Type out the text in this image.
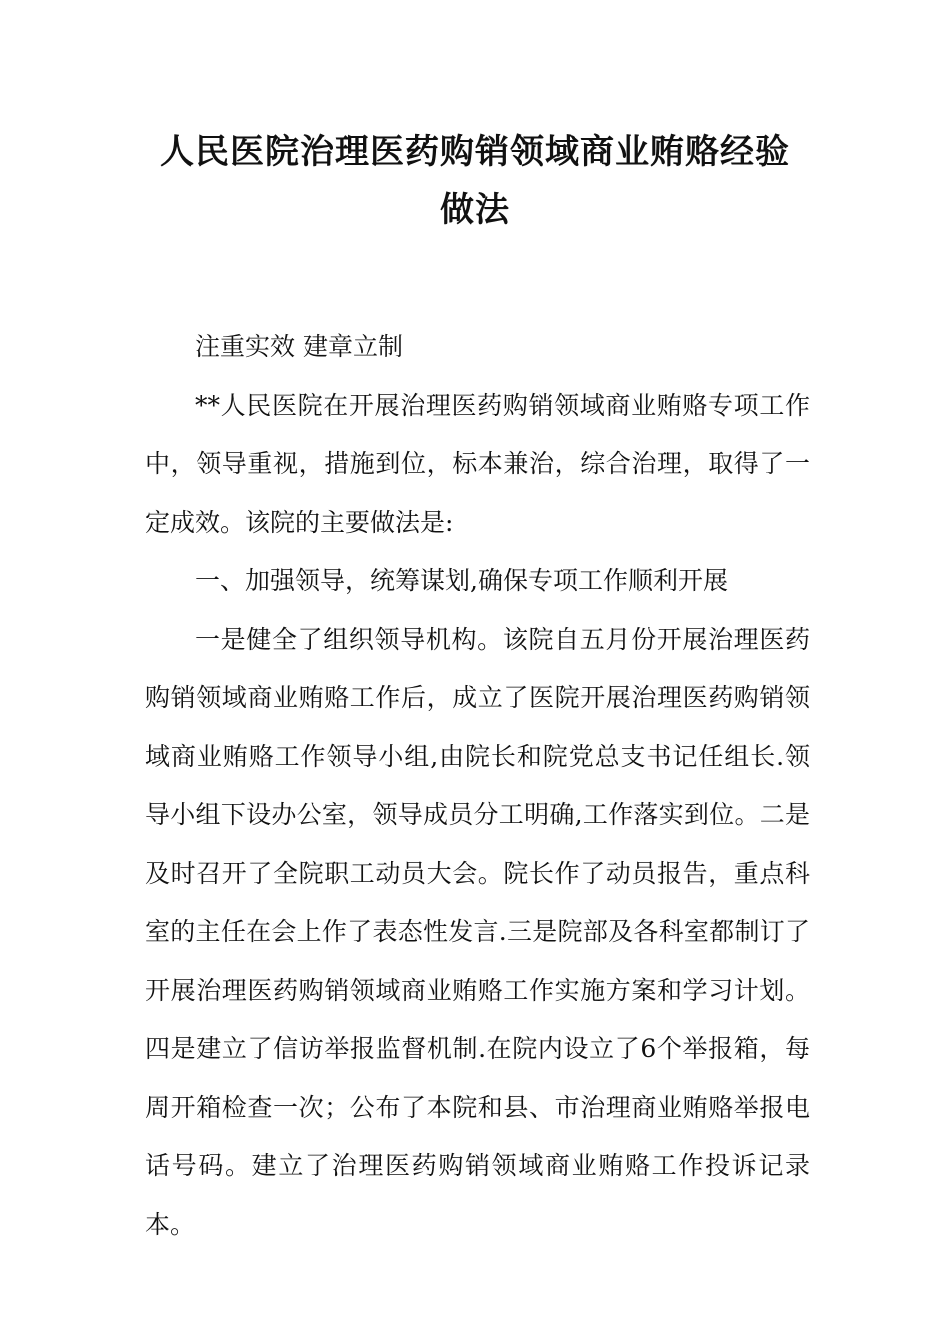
人民医院治理医药购销领域商业贿赂经验
做法

注重实效 建章立制

**人民医院在开展治理医药购销领域商业贿赂专项工作中，领导重视，措施到位，标本兼治，综合治理，取得了一定成效。该院的主要做法是:

一、加强领导，统筹谋划,确保专项工作顺利开展

一是健全了组织领导机构。该院自五月份开展治理医药购销领域商业贿赂工作后，成立了医院开展治理医药购销领域商业贿赂工作领导小组,由院长和院党总支书记任组长.领导小组下设办公室，领导成员分工明确,工作落实到位。二是及时召开了全院职工动员大会。院长作了动员报告，重点科室的主任在会上作了表态性发言.三是院部及各科室都制订了开展治理医药购销领域商业贿赂工作实施方案和学习计划。四是建立了信访举报监督机制.在院内设立了6个举报箱，每周开箱检查一次；公布了本院和县、市治理商业贿赂举报电话号码。建立了治理医药购销领域商业贿赂工作投诉记录本。
